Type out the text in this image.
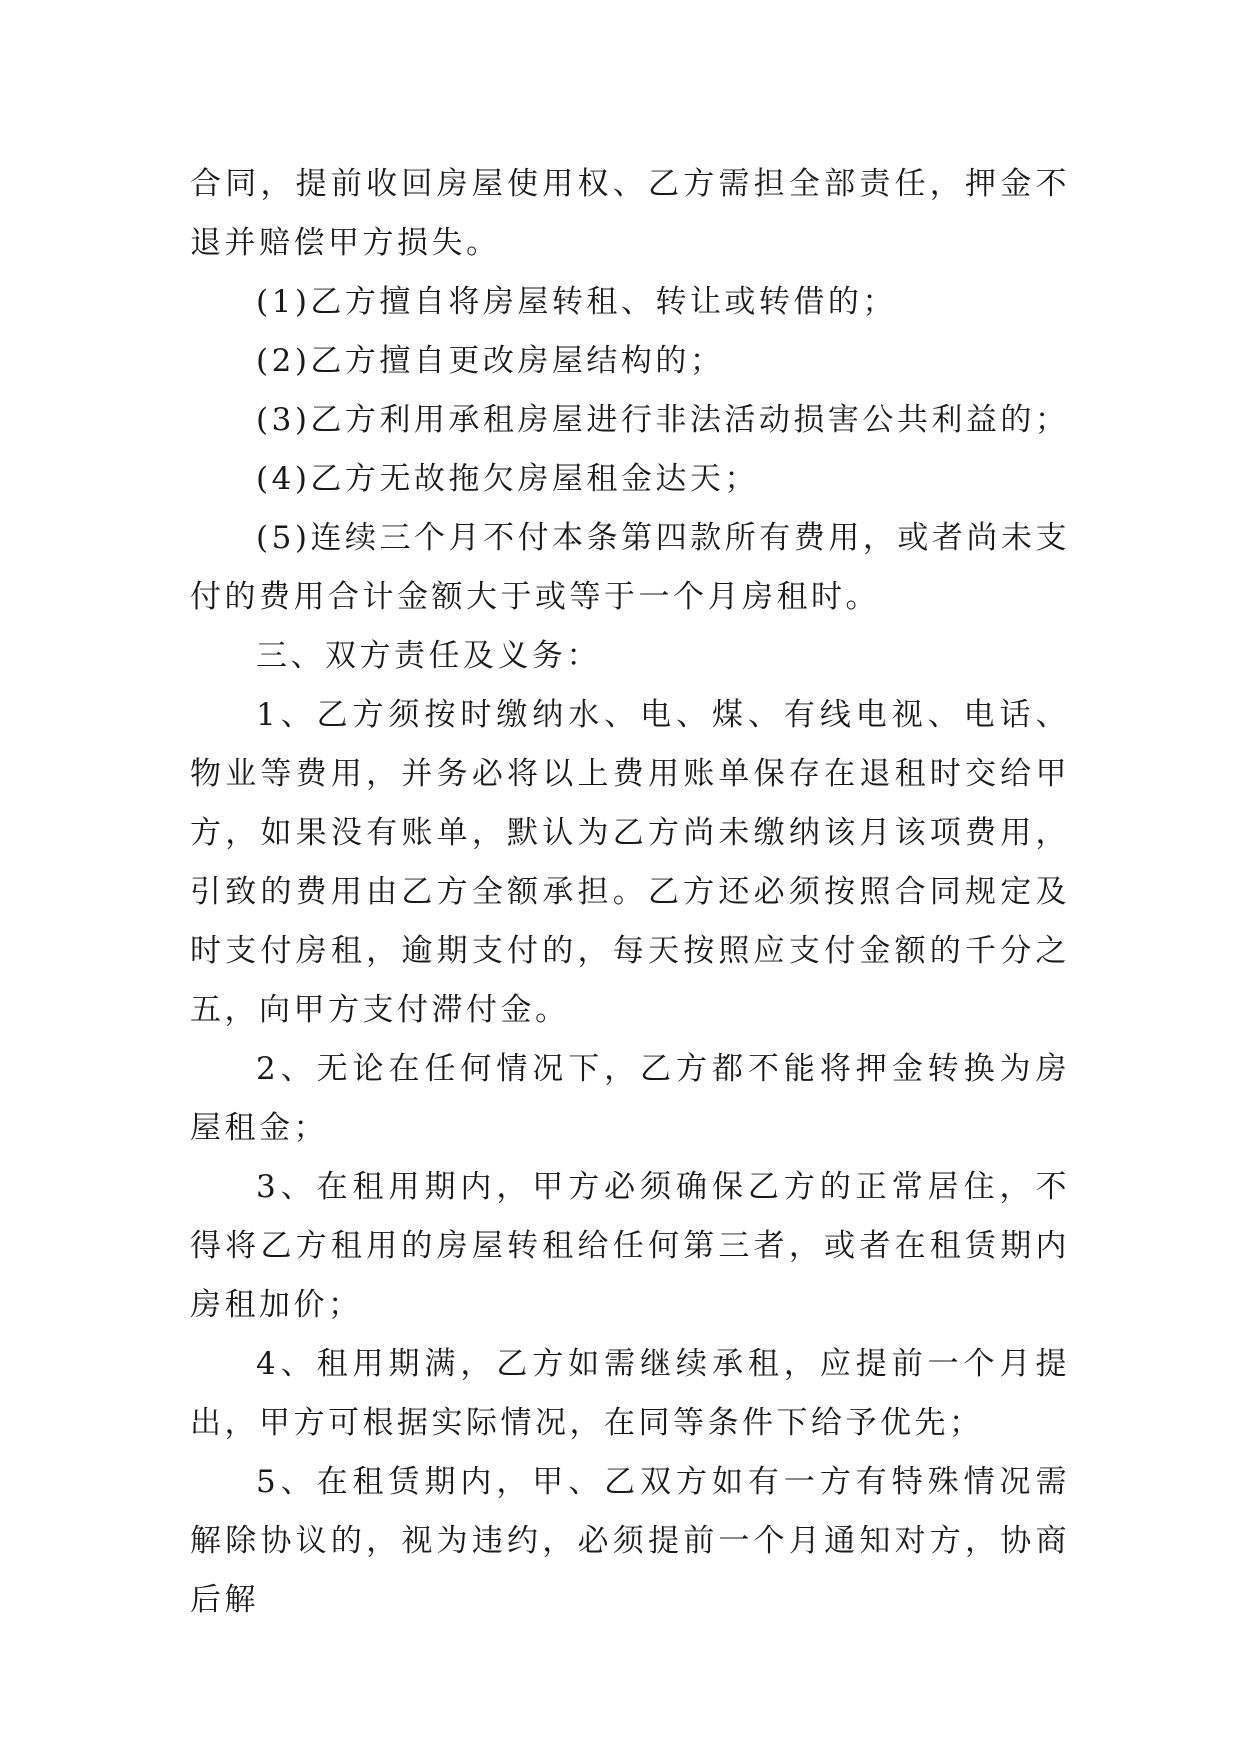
合同，提前收回房屋使用权、乙方需担全部责任，押金不退并赔偿甲方损失。

(1)乙方擅自将房屋转租、转让或转借的；

(2)乙方擅自更改房屋结构的；

(3)乙方利用承租房屋进行非法活动损害公共利益的；

(4)乙方无故拖欠房屋租金达天；

(5)连续三个月不付本条第四款所有费用，或者尚未支付的费用合计金额大于或等于一个月房租时。

三、双方责任及义务：

1、乙方须按时缴纳水、电、煤、有线电视、电话、物业等费用，并务必将以上费用账单保存在退租时交给甲方，如果没有账单，默认为乙方尚未缴纳该月该项费用，引致的费用由乙方全额承担。乙方还必须按照合同规定及时支付房租，逾期支付的，每天按照应支付金额的千分之五，向甲方支付滞付金。

2、无论在任何情况下，乙方都不能将押金转换为房屋租金；

3、在租用期内，甲方必须确保乙方的正常居住，不得将乙方租用的房屋转租给任何第三者，或者在租赁期内房租加价；

4、租用期满，乙方如需继续承租，应提前一个月提出，甲方可根据实际情况，在同等条件下给予优先；

5、在租赁期内，甲、乙双方如有一方有特殊情况需解除协议的，视为违约，必须提前一个月通知对方，协商后解
